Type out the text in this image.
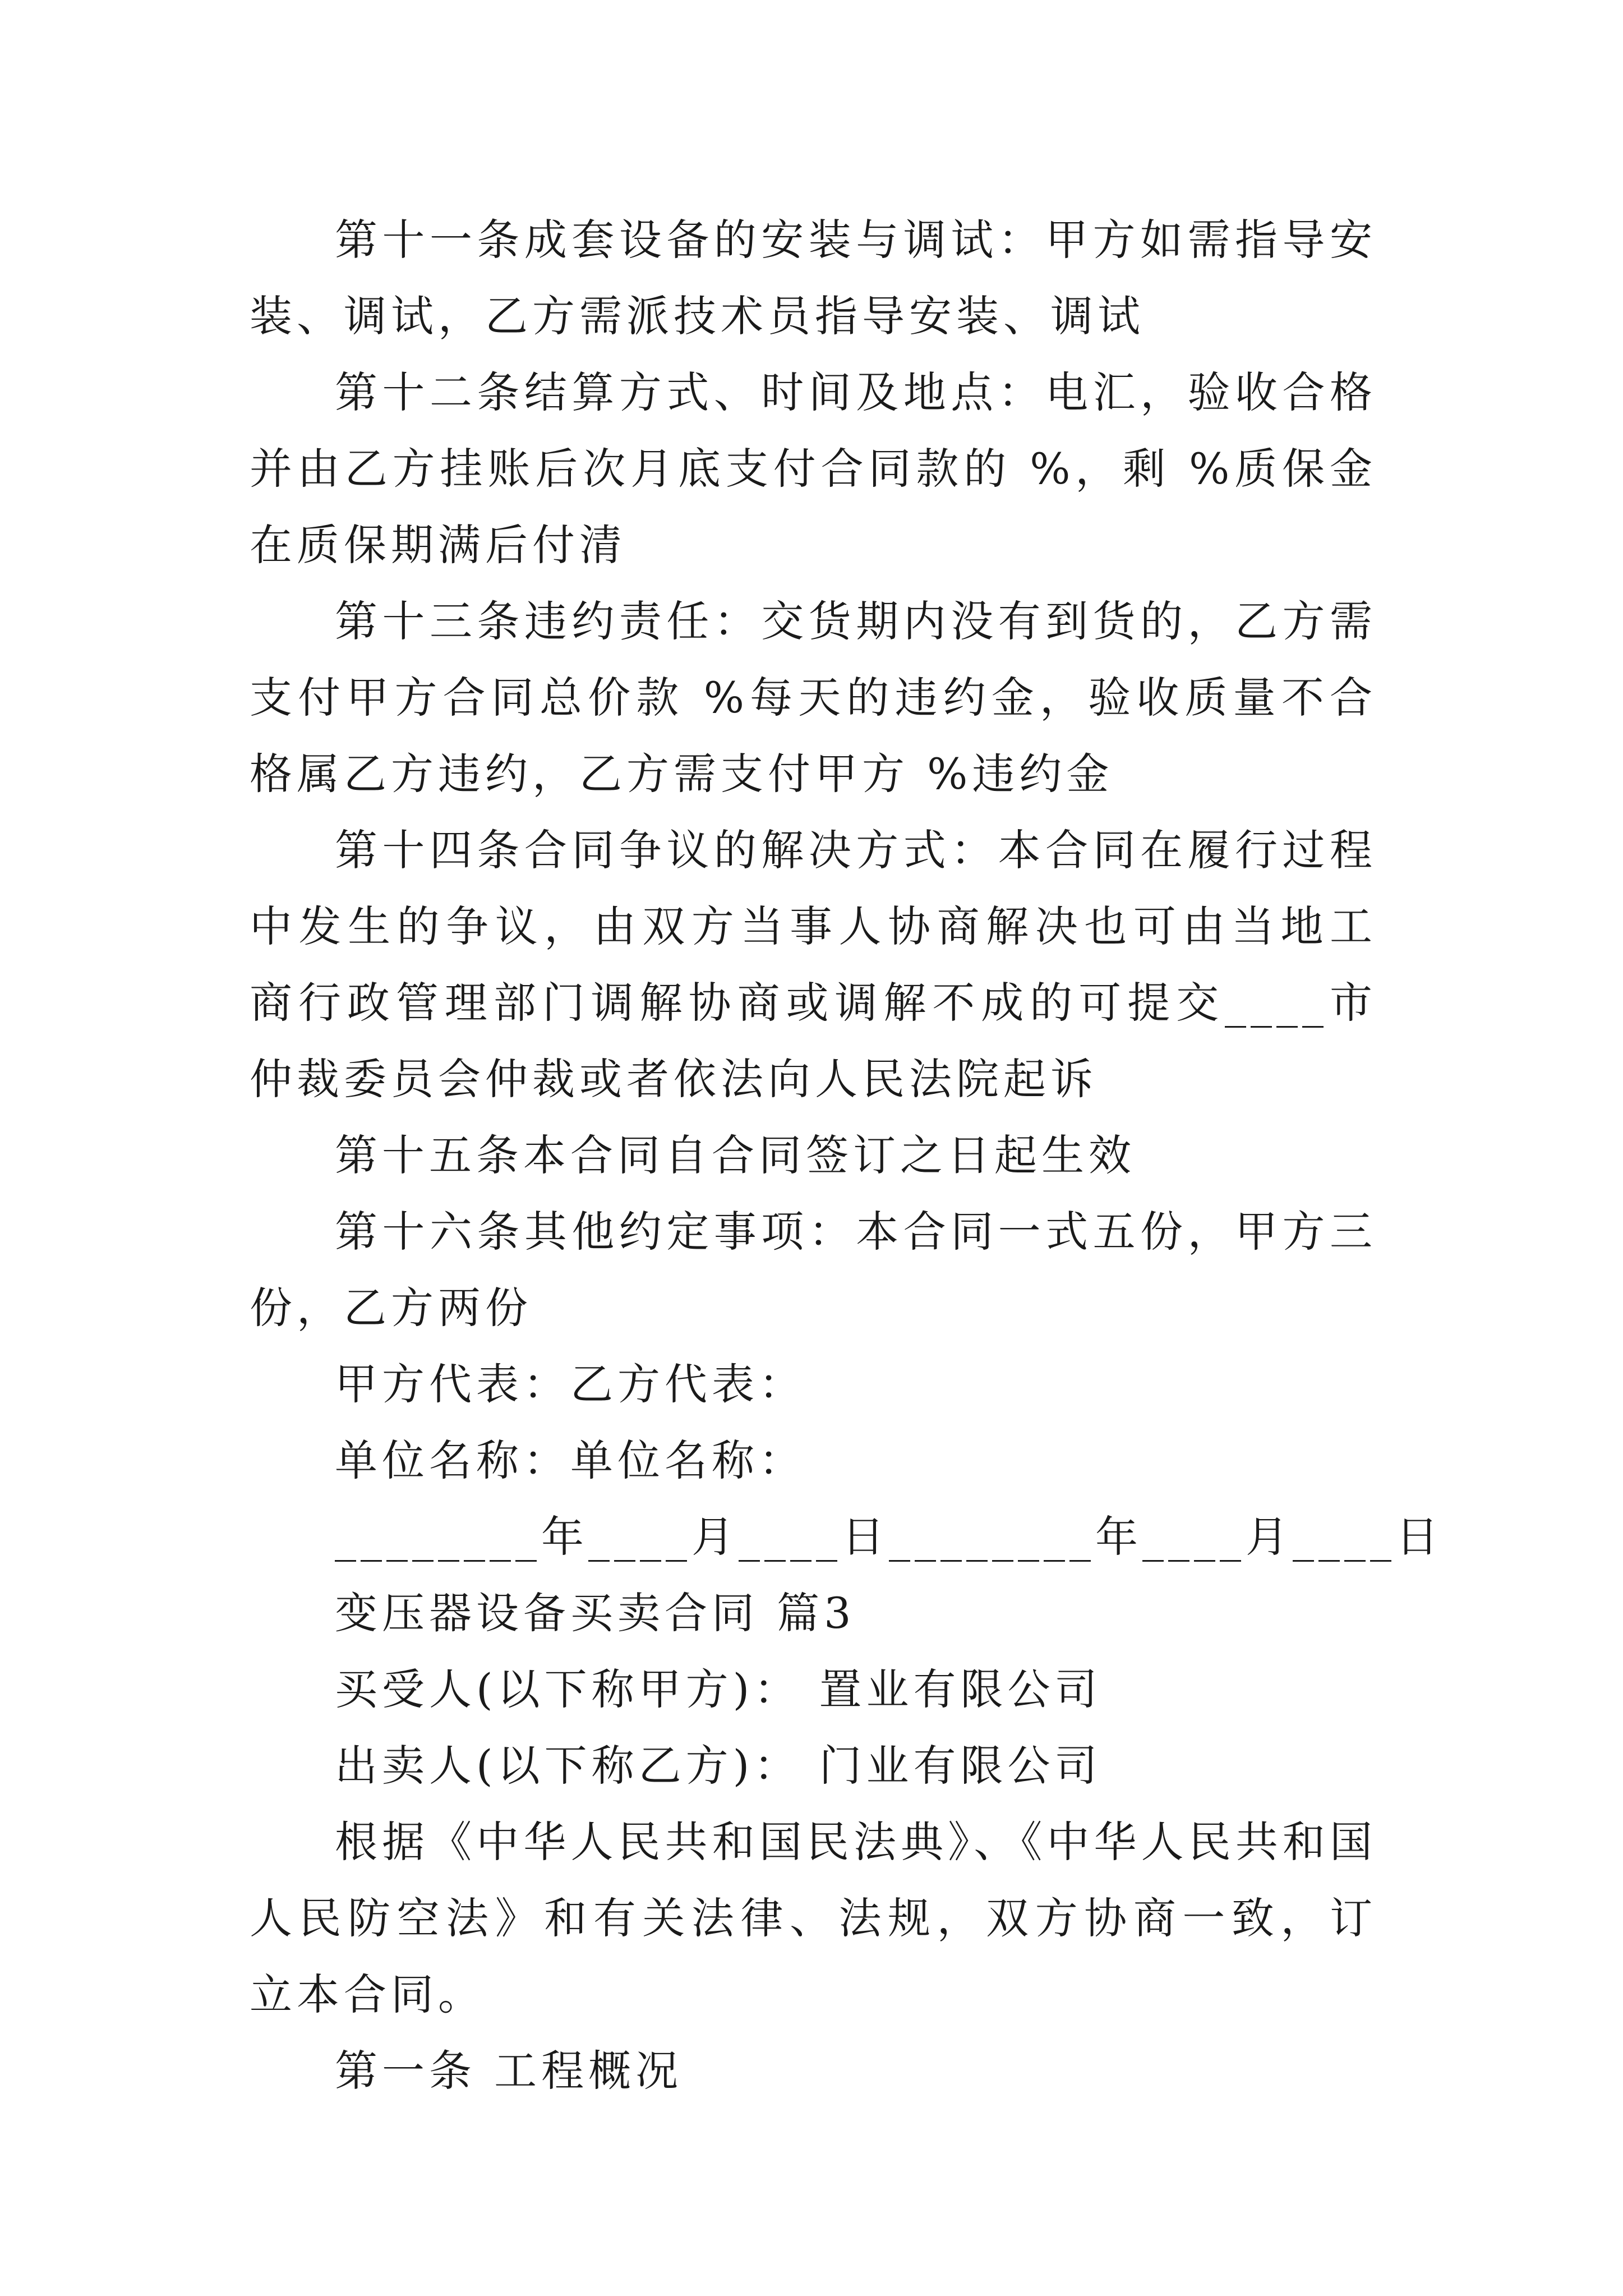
第十一条成套设备的安装与调试：甲方如需指导安装、调试，乙方需派技术员指导安装、调试

第十二条结算方式、时间及地点：电汇，验收合格并由乙方挂账后次月底支付合同款的 %，剩 %质保金在质保期满后付清

第十三条违约责任：交货期内没有到货的，乙方需支付甲方合同总价款 %每天的违约金，验收质量不合格属乙方违约，乙方需支付甲方 %违约金

第十四条合同争议的解决方式：本合同在履行过程中发生的争议，由双方当事人协商解决也可由当地工商行政管理部门调解协商或调解不成的可提交____市仲裁委员会仲裁或者依法向人民法院起诉

第十五条本合同自合同签订之日起生效

第十六条其他约定事项：本合同一式五份，甲方三份，乙方两份

甲方代表：乙方代表：

单位名称：单位名称：

________年____月____日________年____月____日

变压器设备买卖合同 篇3

买受人(以下称甲方)： 置业有限公司

出卖人(以下称乙方)： 门业有限公司

根据《中华人民共和国民法典》、《中华人民共和国人民防空法》和有关法律、法规，双方协商一致，订立本合同。

第一条 工程概况
